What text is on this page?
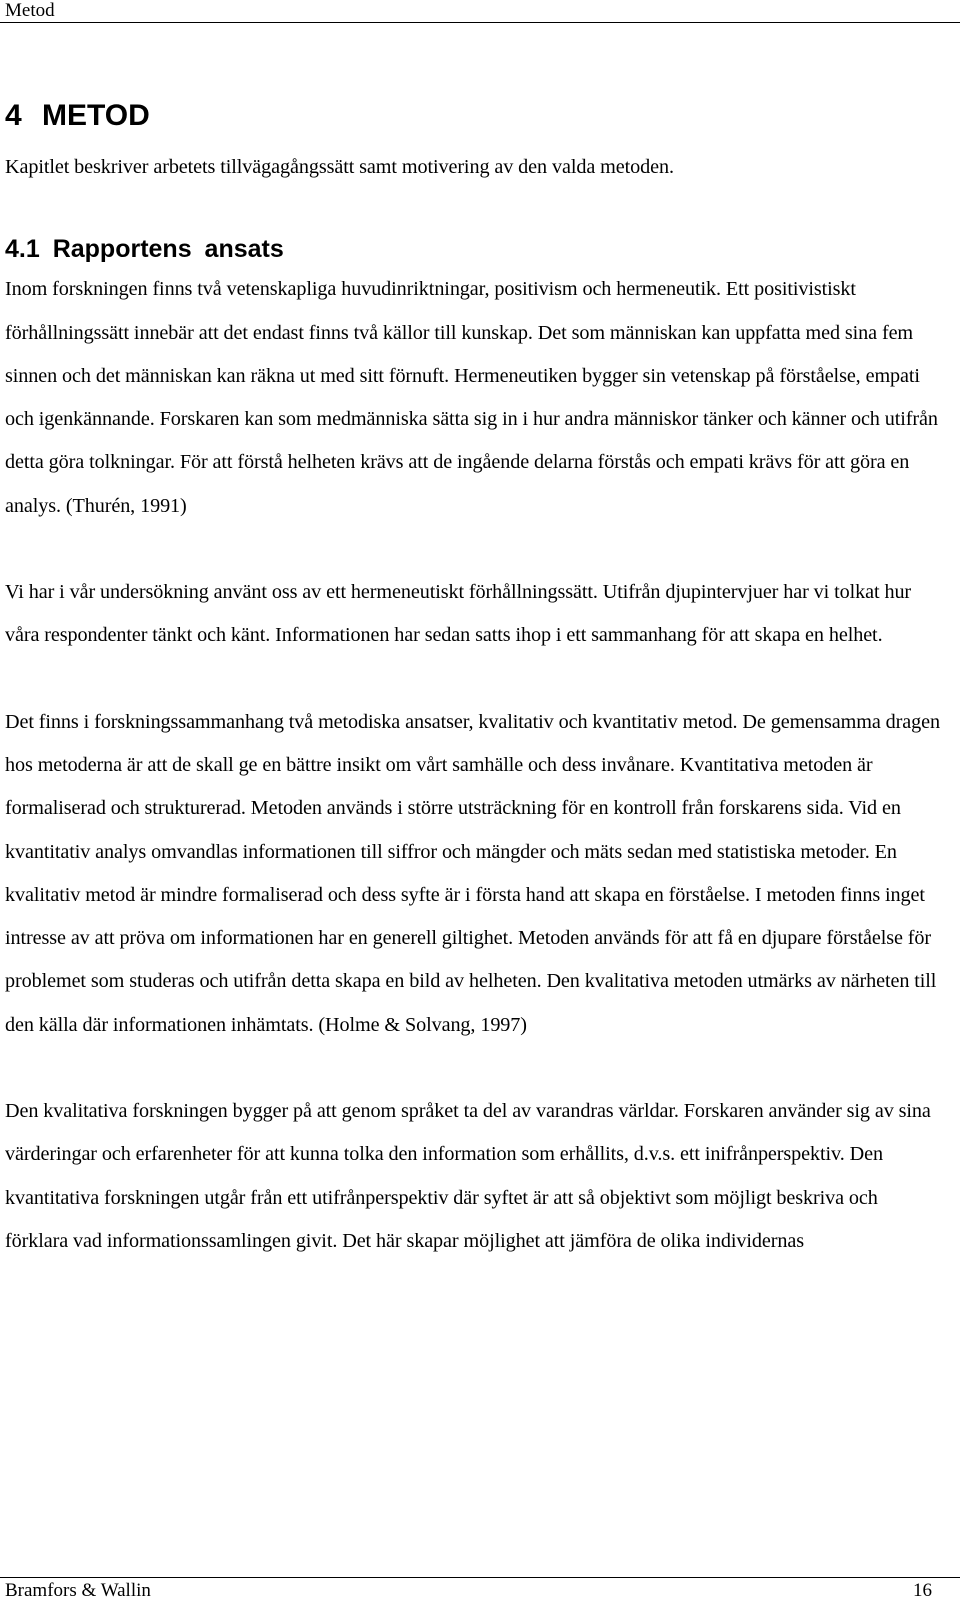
Metod
4 METOD

Kapitlet beskriver arbetets tillvägagångssätt samt motivering av den valda metoden.

4.1 Rapportens ansats

Inom forskningen finns två vetenskapliga huvudinriktningar, positivism och hermeneutik. Ett positivistiskt förhållningssätt innebär att det endast finns två källor till kunskap. Det som människan kan uppfatta med sina fem sinnen och det människan kan räkna ut med sitt förnuft. Hermeneutiken bygger sin vetenskap på förståelse, empati och igenkännande. Forskaren kan som medmänniska sätta sig in i hur andra människor tänker och känner och utifrån detta göra tolkningar. För att förstå helheten krävs att de ingående delarna förstås och empati krävs för att göra en analys. (Thurén, 1991)

Vi har i vår undersökning använt oss av ett hermeneutiskt förhållningssätt. Utifrån djupintervjuer har vi tolkat hur våra respondenter tänkt och känt. Informationen har sedan satts ihop i ett sammanhang för att skapa en helhet.

Det finns i forskningssammanhang två metodiska ansatser, kvalitativ och kvantitativ metod. De gemensamma dragen hos metoderna är att de skall ge en bättre insikt om vårt samhälle och dess invånare. Kvantitativa metoden är formaliserad och strukturerad. Metoden används i större utsträckning för en kontroll från forskarens sida. Vid en kvantitativ analys omvandlas informationen till siffror och mängder och mäts sedan med statistiska metoder. En kvalitativ metod är mindre formaliserad och dess syfte är i första hand att skapa en förståelse. I metoden finns inget intresse av att pröva om informationen har en generell giltighet. Metoden används för att få en djupare förståelse för problemet som studeras och utifrån detta skapa en bild av helheten. Den kvalitativa metoden utmärks av närheten till den källa där informationen inhämtats. (Holme & Solvang, 1997)

Den kvalitativa forskningen bygger på att genom språket ta del av varandras världar. Forskaren använder sig av sina värderingar och erfarenheter för att kunna tolka den information som erhållits, d.v.s. ett inifrånperspektiv. Den kvantitativa forskningen utgår från ett utifrånperspektiv där syftet är att så objektivt som möjligt beskriva och förklara vad informationssamlingen givit. Det här skapar möjlighet att jämföra de olika individernas

Bramfors & Wallin	16
